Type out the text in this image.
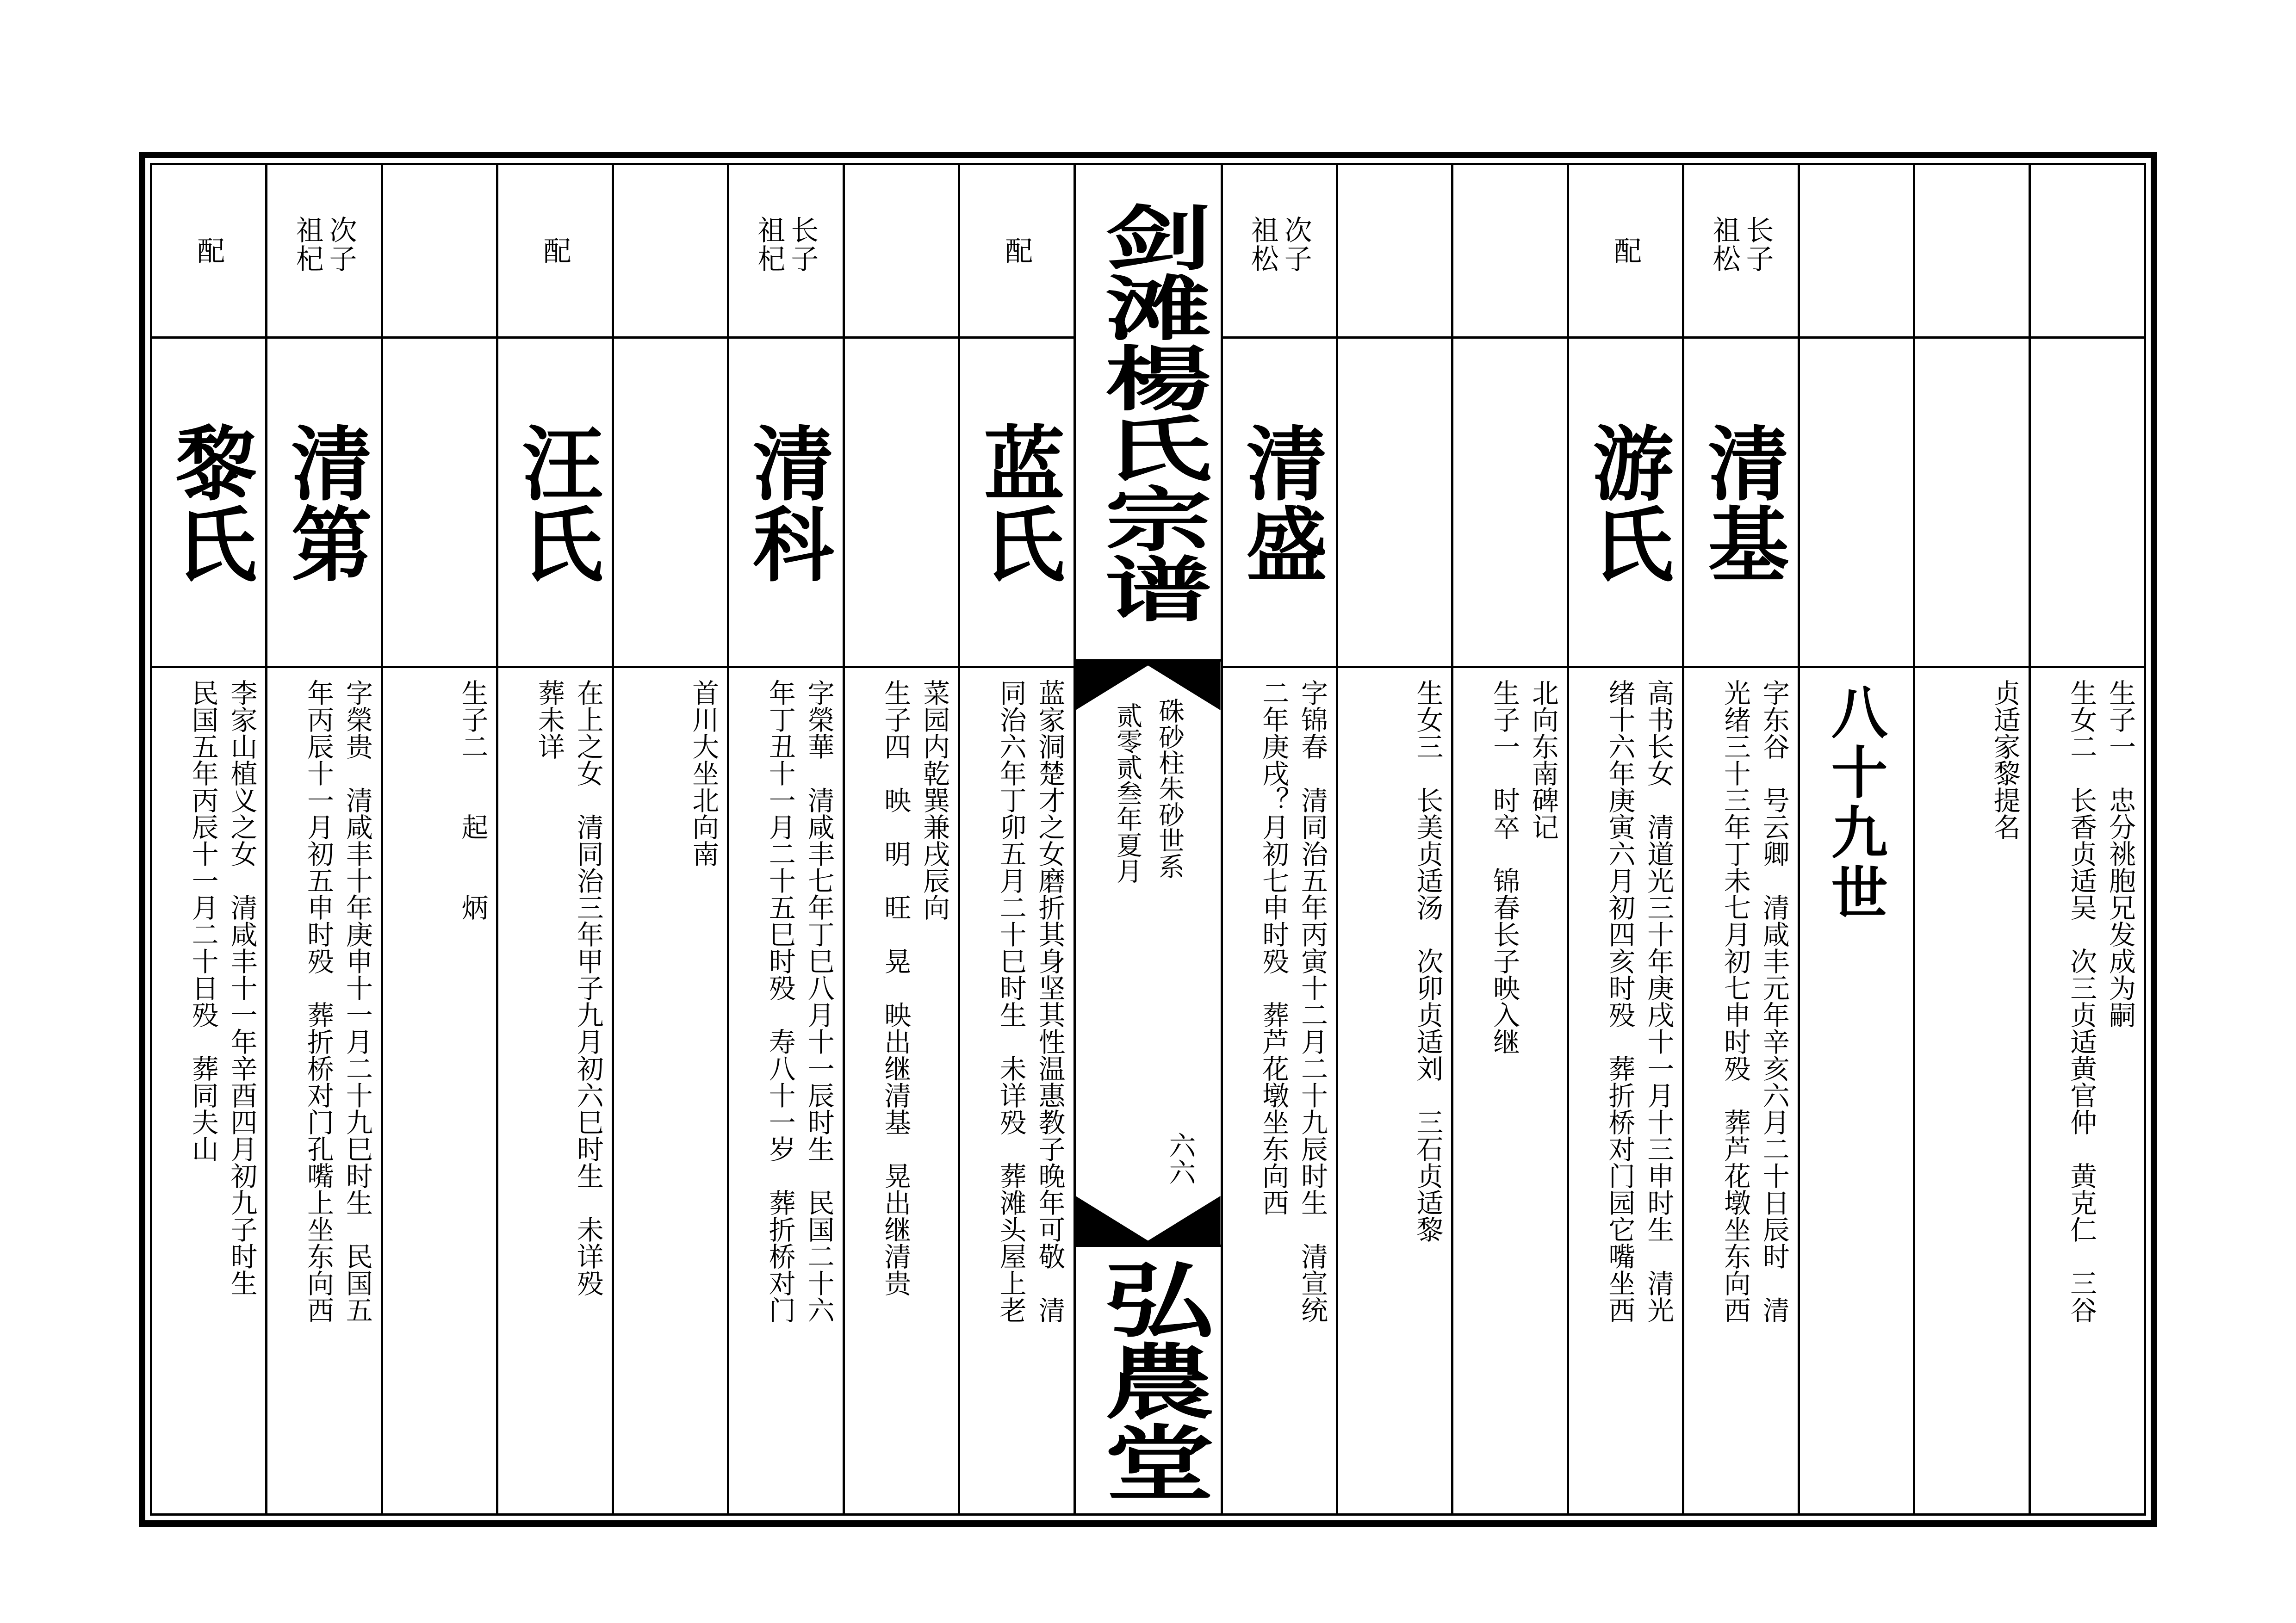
生子一　忠分祧胞兄发成为嗣
生女二　长香贞适吴　次三贞适黄官仲　黄克仁　三谷
贞适家黎提名
八十九世
长子祖松
清基
字东谷　号云卿　清咸丰元年辛亥六月二十日辰时　清
光绪三十三年丁未七月初七申时殁　葬芦花墩坐东向西
配
游氏
高书长女　清道光三十年庚戌十一月十三申时生　清光
绪十六年庚寅六月初四亥时殁　葬折桥对门园它嘴坐西
北向东南碑记
生子一　时卒　锦春长子映入继
生女三　长美贞适汤　次卯贞适刘　三石贞适黎
次子祖松
清盛
字锦春　清同治五年丙寅十二月二十九辰时生　清宣统
二年庚戌？月初七申时殁　葬芦花墩坐东向西
剑滩楊氏宗谱
硃砂柱朱砂世系
贰零贰叁年夏月
六六
弘農堂
配
蓝氏
蓝家洞楚才之女磨折其身坚其性温惠教子晚年可敬　清
同治六年丁卯五月二十巳时生　未详殁　葬滩头屋上老
菜园内乾巽兼戌辰向
生子四　映　明　旺　晃　映出继清基　晃出继清贵
长子祖杞
清科
字榮華　清咸丰七年丁巳八月十一辰时生　民国二十六
年丁丑十一月二十五巳时殁　寿八十一岁　葬折桥对门
首川大坐北向南
配
汪氏
在上之女　清同治三年甲子九月初六巳时生　未详殁
葬未详
生子二　　起　　炳
次子祖杞
清第
字榮贵　清咸丰十年庚申十一月二十九巳时生　民国五
年丙辰十一月初五申时殁　葬折桥对门孔嘴上坐东向西
配
黎氏
李家山植义之女　清咸丰十一年辛酉四月初九子时生
民国五年丙辰十一月二十日殁　葬同夫山
